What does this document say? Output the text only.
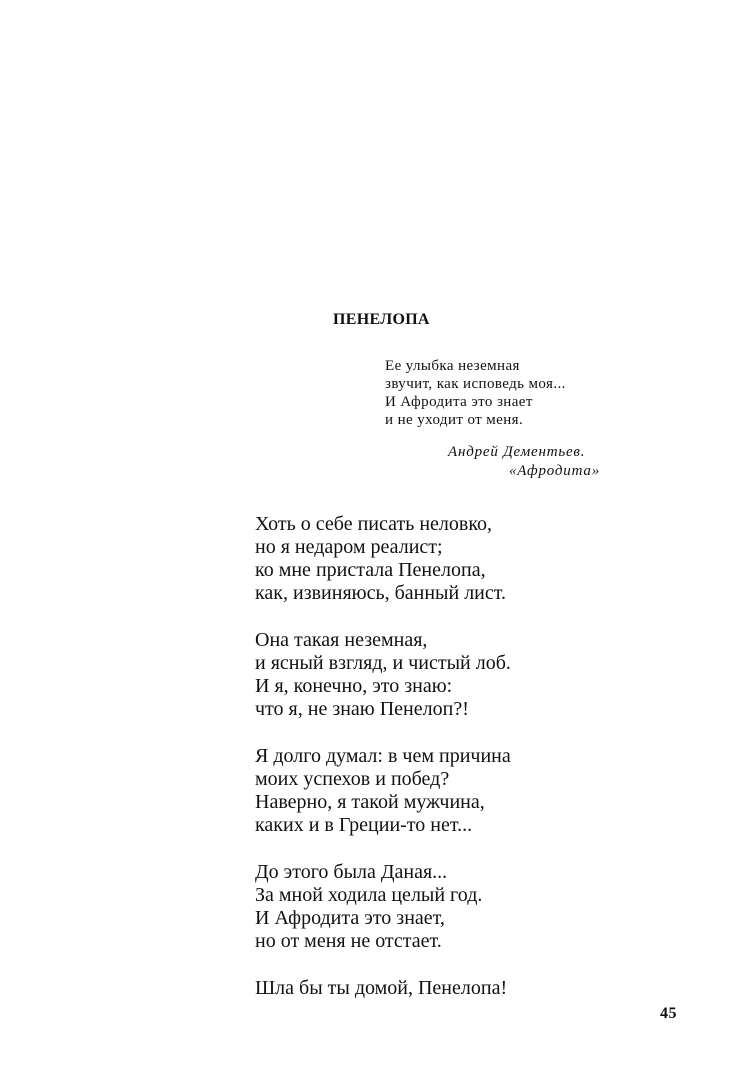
ПЕНЕЛОПА
Ее улыбка неземная
звучит, как исповедь моя...
И Афродита это знает
и не уходит от меня.
Андрей Дементьев.
«Афродита»
Хоть о себе писать неловко,
но я недаром реалист;
ко мне пристала Пенелопа,
как, извиняюсь, банный лист.
Она такая неземная,
и ясный взгляд, и чистый лоб.
И я, конечно, это знаю:
что я, не знаю Пенелоп?!
Я долго думал: в чем причина
моих успехов и побед?
Наверно, я такой мужчина,
каких и в Греции-то нет...
До этого была Даная...
За мной ходила целый год.
И Афродита это знает,
но от меня не отстает.
Шла бы ты домой, Пенелопа!
45
